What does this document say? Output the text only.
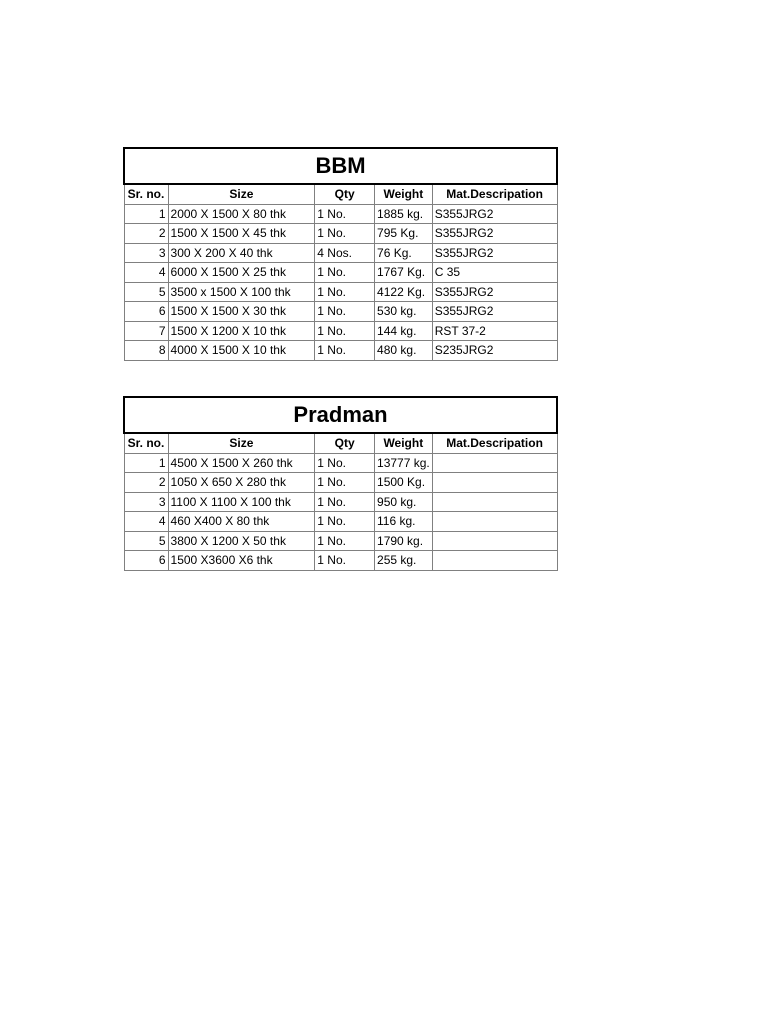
BBM				
Sr. no.	Size	Qty	Weight	Mat.Descripation
1	2000 X 1500 X 80 thk	1 No.	1885 kg.	S355JRG2
2	1500 X 1500 X 45 thk	1 No.	795 Kg.	S355JRG2
3	300 X 200 X 40 thk	4 Nos.	76 Kg.	S355JRG2
4	6000 X 1500 X 25 thk	1 No.	1767 Kg.	C 35
5	3500 x 1500 X 100 thk	1 No.	4122 Kg.	S355JRG2
6	1500 X 1500 X 30 thk	1 No.	530 kg.	S355JRG2
7	1500 X 1200 X 10 thk	1 No.	144 kg.	RST 37-2
8	4000 X 1500 X 10 thk	1 No.	480 kg.	S235JRG2
Pradman				
Sr. no.	Size	Qty	Weight	Mat.Descripation
1	4500 X 1500 X 260 thk	1 No.	13777 kg.	
2	1050 X 650 X 280 thk	1 No.	1500 Kg.	
3	1100 X 1100 X 100 thk	1 No.	950 kg.	
4	460 X400 X 80 thk	1 No.	116 kg.	
5	3800 X 1200 X 50 thk	1 No.	1790 kg.	
6	1500 X3600 X6 thk	1 No.	255 kg.	
